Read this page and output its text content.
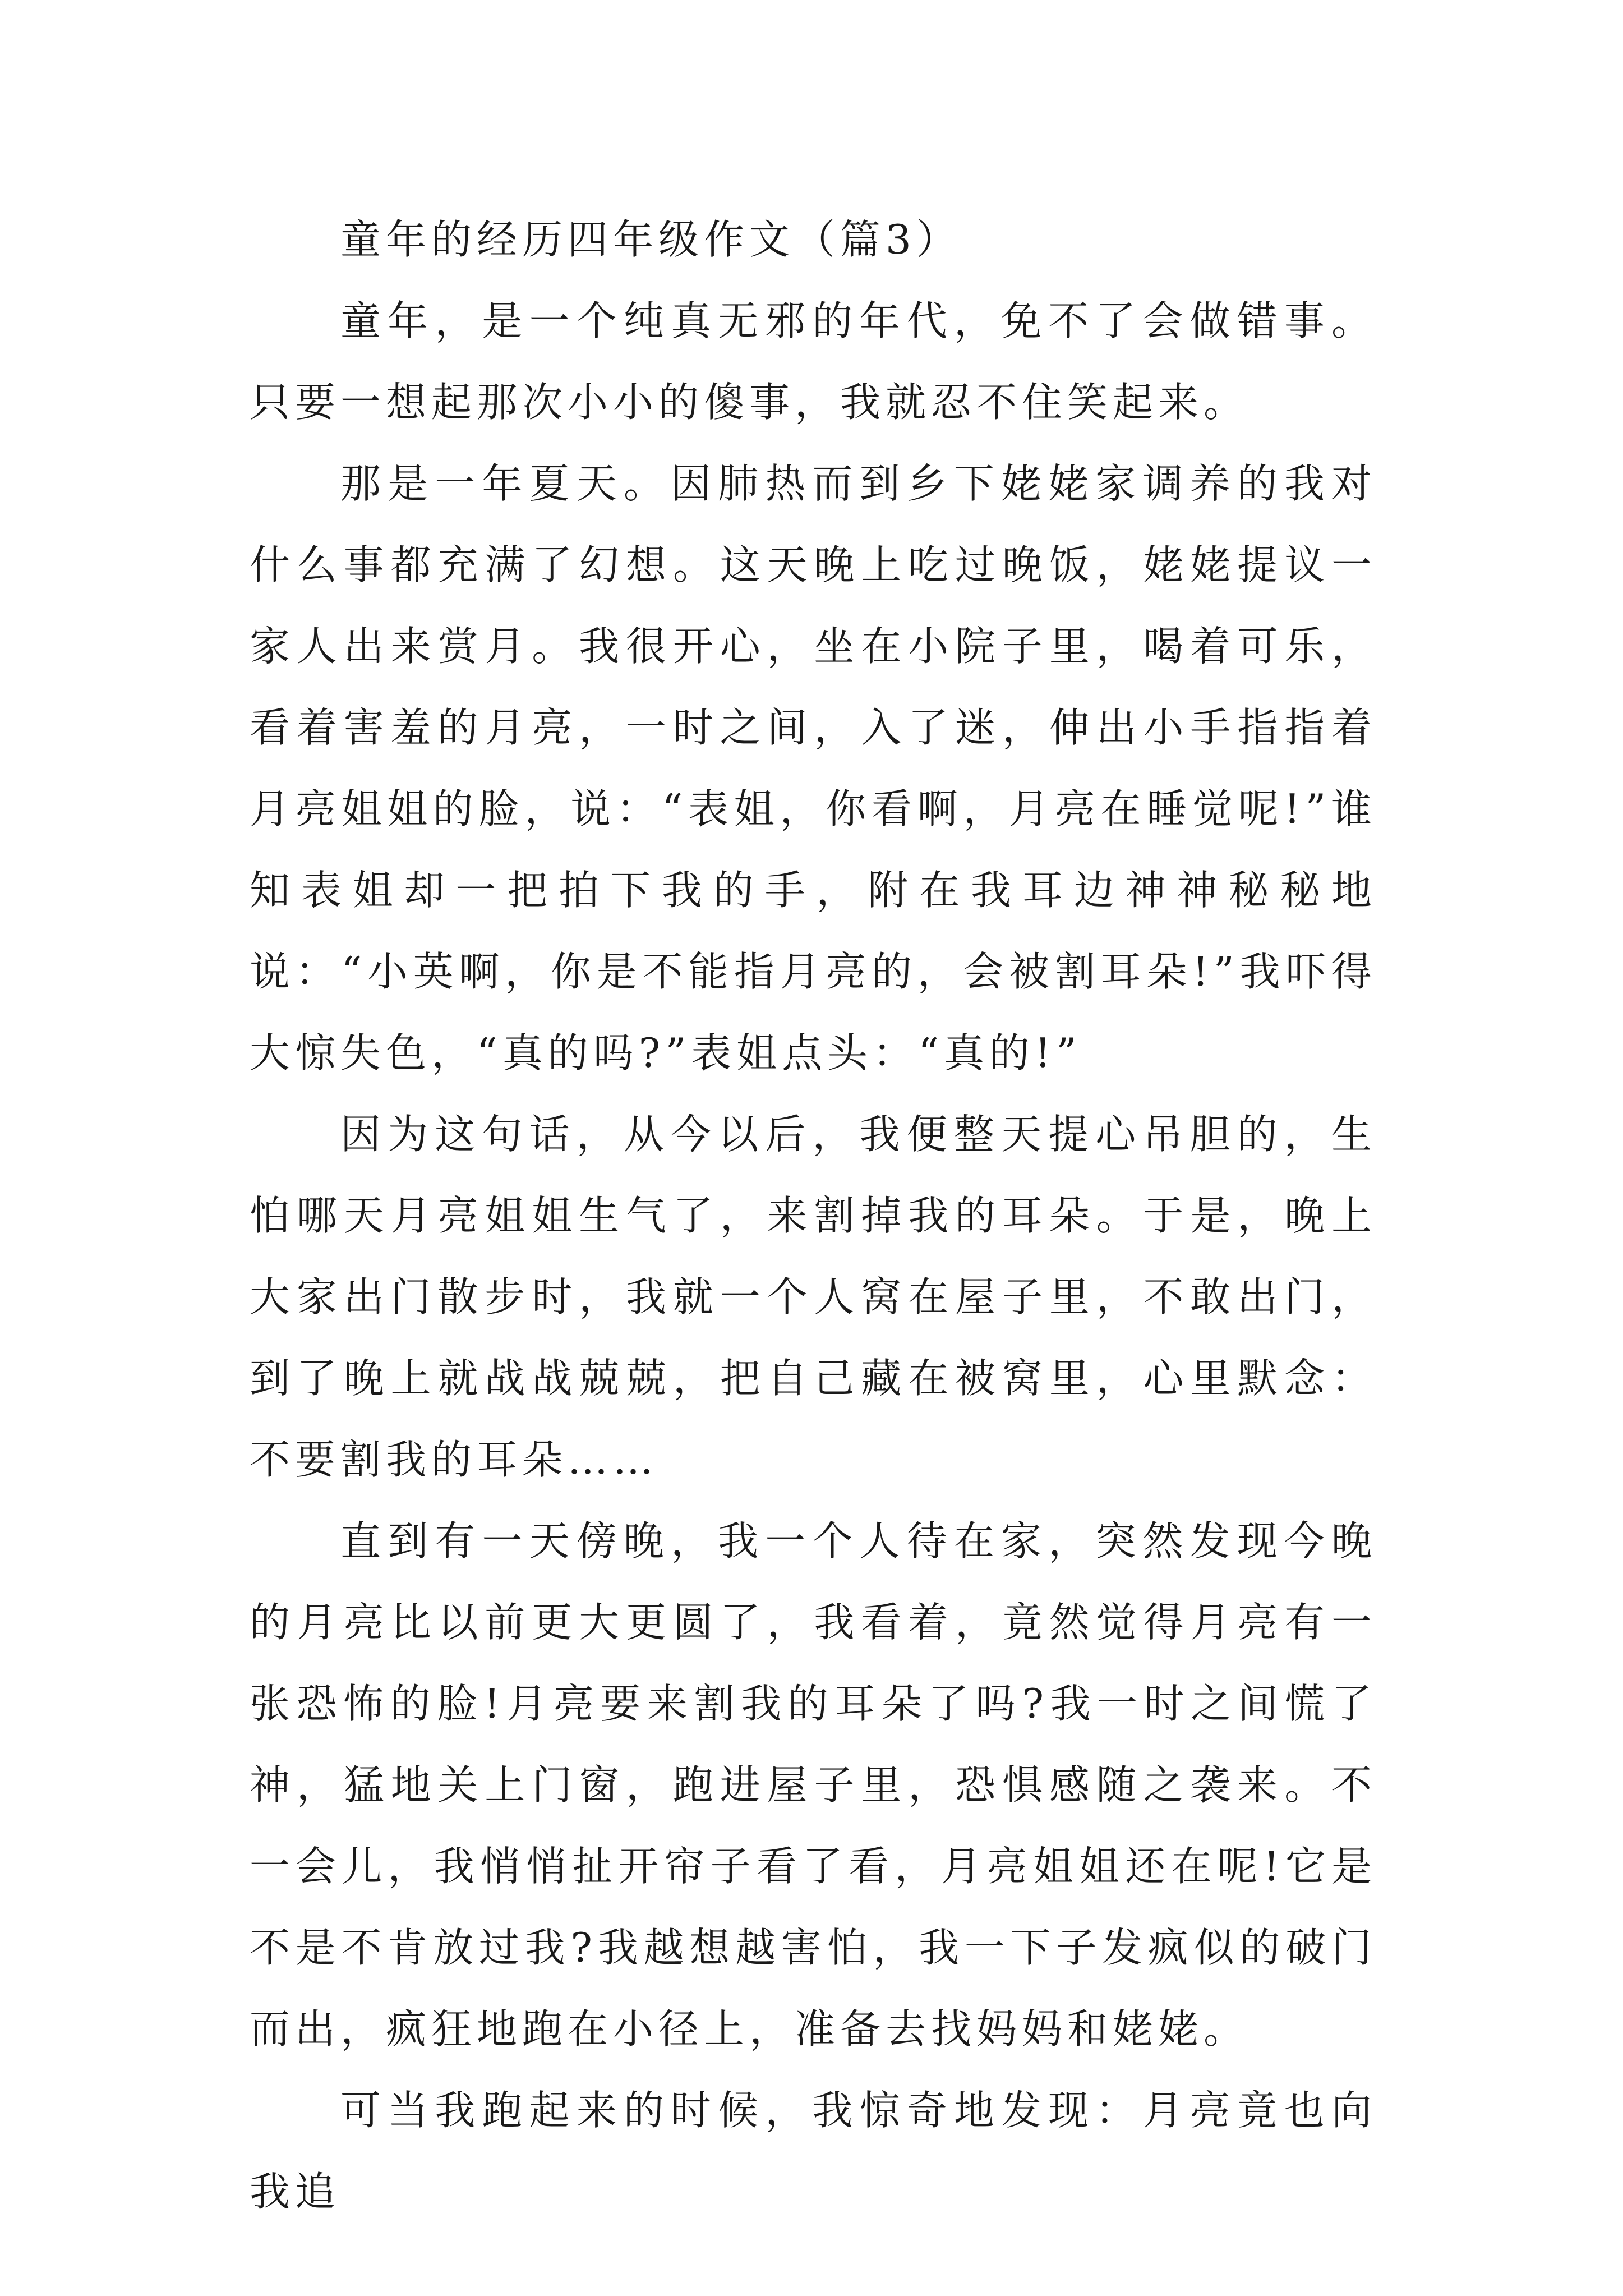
童年的经历四年级作文（篇3）

童年，是一个纯真无邪的年代，免不了会做错事。只要一想起那次小小的傻事，我就忍不住笑起来。

那是一年夏天。因肺热而到乡下姥姥家调养的我对什么事都充满了幻想。这天晚上吃过晚饭，姥姥提议一家人出来赏月。我很开心，坐在小院子里，喝着可乐，看着害羞的月亮，一时之间，入了迷，伸出小手指指着月亮姐姐的脸，说：“表姐，你看啊，月亮在睡觉呢!”谁知表姐却一把拍下我的手，附在我耳边神神秘秘地说：“小英啊，你是不能指月亮的，会被割耳朵!”我吓得大惊失色，“真的吗?”表姐点头：“真的!”

因为这句话，从今以后，我便整天提心吊胆的，生怕哪天月亮姐姐生气了，来割掉我的耳朵。于是，晚上大家出门散步时，我就一个人窝在屋子里，不敢出门，到了晚上就战战兢兢，把自己藏在被窝里，心里默念：不要割我的耳朵……

直到有一天傍晚，我一个人待在家，突然发现今晚的月亮比以前更大更圆了，我看着，竟然觉得月亮有一张恐怖的脸!月亮要来割我的耳朵了吗?我一时之间慌了神，猛地关上门窗，跑进屋子里，恐惧感随之袭来。不一会儿，我悄悄扯开帘子看了看，月亮姐姐还在呢!它是不是不肯放过我?我越想越害怕，我一下子发疯似的破门而出，疯狂地跑在小径上，准备去找妈妈和姥姥。

可当我跑起来的时候，我惊奇地发现：月亮竟也向我追
